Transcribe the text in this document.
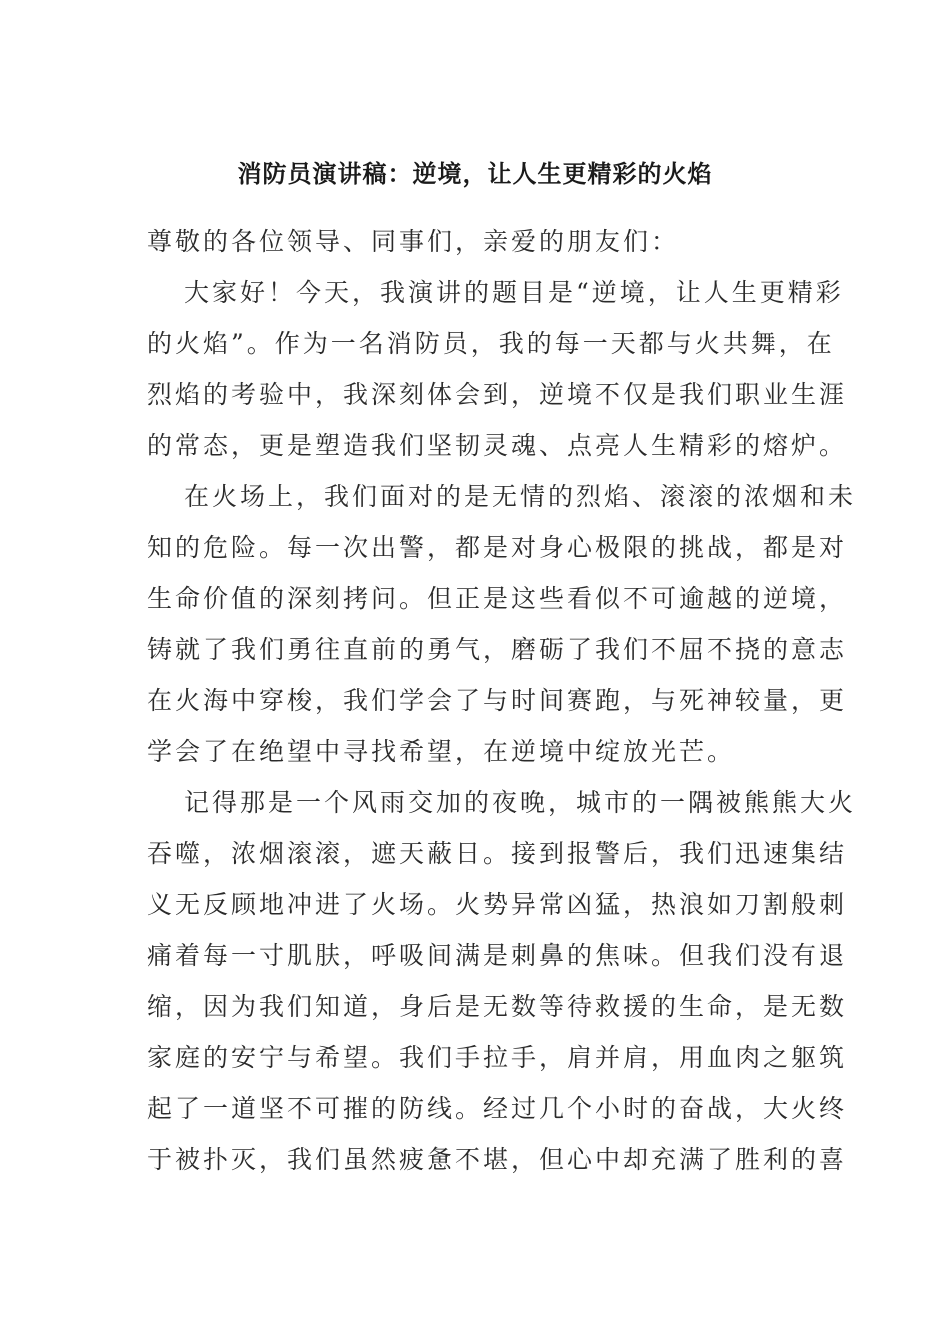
消防员演讲稿：逆境，让人生更精彩的火焰

尊敬的各位领导、同事们，亲爱的朋友们：

大家好！今天，我演讲的题目是“逆境，让人生更精彩

的火焰”。作为一名消防员，我的每一天都与火共舞，在

烈焰的考验中，我深刻体会到，逆境不仅是我们职业生涯

的常态，更是塑造我们坚韧灵魂、点亮人生精彩的熔炉。

在火场上，我们面对的是无情的烈焰、滚滚的浓烟和未

知的危险。每一次出警，都是对身心极限的挑战，都是对

生命价值的深刻拷问。但正是这些看似不可逾越的逆境，

铸就了我们勇往直前的勇气，磨砺了我们不屈不挠的意志

在火海中穿梭，我们学会了与时间赛跑，与死神较量，更

学会了在绝望中寻找希望，在逆境中绽放光芒。

记得那是一个风雨交加的夜晚，城市的一隅被熊熊大火

吞噬，浓烟滚滚，遮天蔽日。接到报警后，我们迅速集结

义无反顾地冲进了火场。火势异常凶猛，热浪如刀割般刺

痛着每一寸肌肤，呼吸间满是刺鼻的焦味。但我们没有退

缩，因为我们知道，身后是无数等待救援的生命，是无数

家庭的安宁与希望。我们手拉手，肩并肩，用血肉之躯筑

起了一道坚不可摧的防线。经过几个小时的奋战，大火终

于被扑灭，我们虽然疲惫不堪，但心中却充满了胜利的喜
